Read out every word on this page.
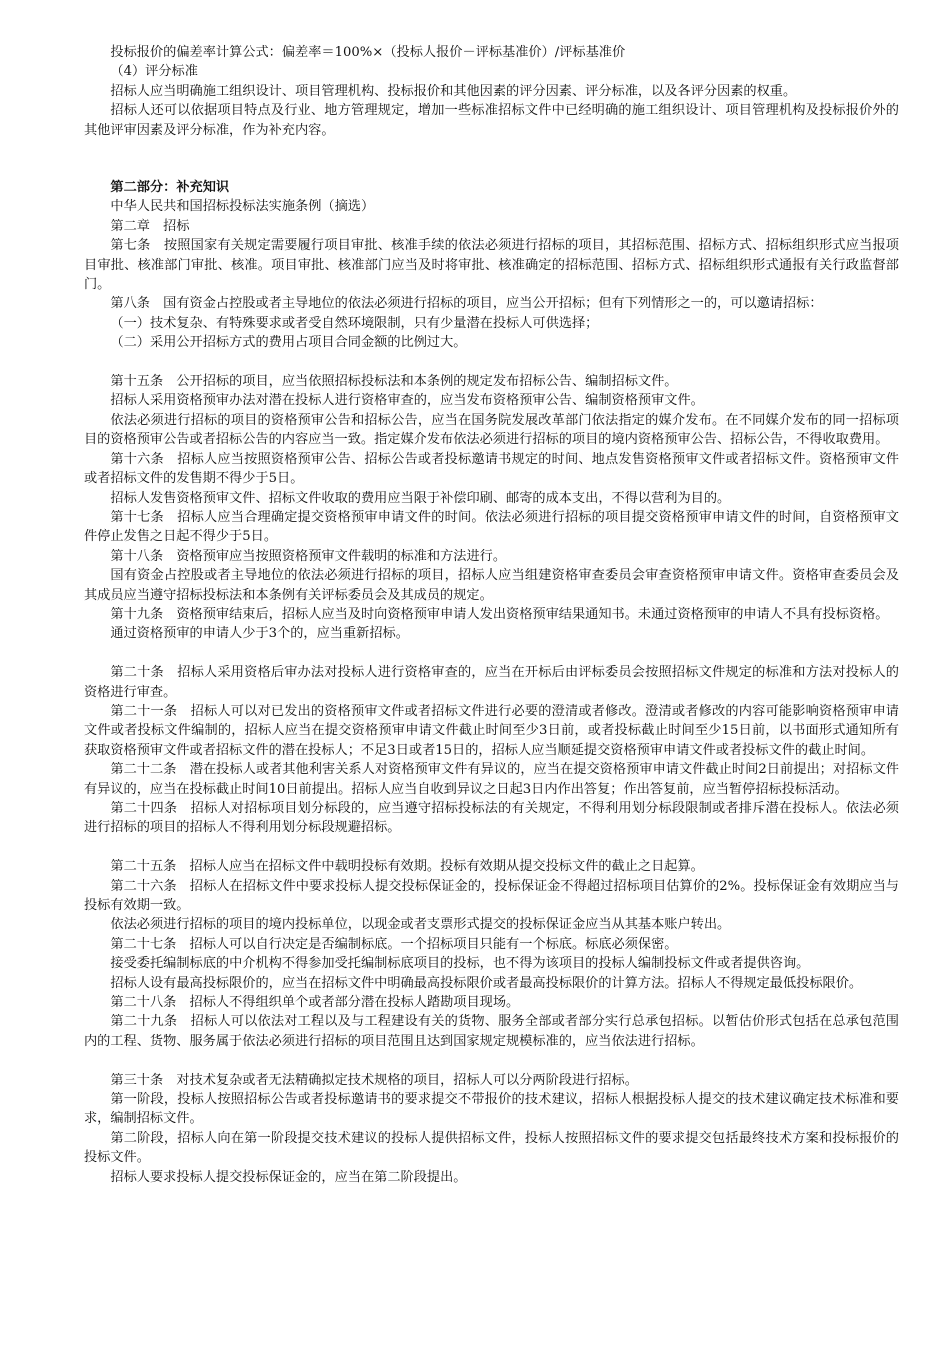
投标报价的偏差率计算公式：偏差率＝100%×（投标人报价－评标基准价）/评标基准价

（4）评分标准

招标人应当明确施工组织设计、项目管理机构、投标报价和其他因素的评分因素、评分标准，以及各评分因素的权重。

招标人还可以依据项目特点及行业、地方管理规定，增加一些标准招标文件中已经明确的施工组织设计、项目管理机构及投标报价外的其他评审因素及评分标准，作为补充内容。

第二部分：补充知识

中华人民共和国招标投标法实施条例（摘选）

第二章　招标

第七条　按照国家有关规定需要履行项目审批、核准手续的依法必须进行招标的项目，其招标范围、招标方式、招标组织形式应当报项目审批、核准部门审批、核准。项目审批、核准部门应当及时将审批、核准确定的招标范围、招标方式、招标组织形式通报有关行政监督部门。

第八条　国有资金占控股或者主导地位的依法必须进行招标的项目，应当公开招标；但有下列情形之一的，可以邀请招标：

（一）技术复杂、有特殊要求或者受自然环境限制，只有少量潜在投标人可供选择；

（二）采用公开招标方式的费用占项目合同金额的比例过大。

第十五条　公开招标的项目，应当依照招标投标法和本条例的规定发布招标公告、编制招标文件。

招标人采用资格预审办法对潜在投标人进行资格审查的，应当发布资格预审公告、编制资格预审文件。

依法必须进行招标的项目的资格预审公告和招标公告，应当在国务院发展改革部门依法指定的媒介发布。在不同媒介发布的同一招标项目的资格预审公告或者招标公告的内容应当一致。指定媒介发布依法必须进行招标的项目的境内资格预审公告、招标公告，不得收取费用。

第十六条　招标人应当按照资格预审公告、招标公告或者投标邀请书规定的时间、地点发售资格预审文件或者招标文件。资格预审文件或者招标文件的发售期不得少于5日。

招标人发售资格预审文件、招标文件收取的费用应当限于补偿印刷、邮寄的成本支出，不得以营利为目的。

第十七条　招标人应当合理确定提交资格预审申请文件的时间。依法必须进行招标的项目提交资格预审申请文件的时间，自资格预审文件停止发售之日起不得少于5日。

第十八条　资格预审应当按照资格预审文件载明的标准和方法进行。

国有资金占控股或者主导地位的依法必须进行招标的项目，招标人应当组建资格审查委员会审查资格预审申请文件。资格审查委员会及其成员应当遵守招标投标法和本条例有关评标委员会及其成员的规定。

第十九条　资格预审结束后，招标人应当及时向资格预审申请人发出资格预审结果通知书。未通过资格预审的申请人不具有投标资格。

通过资格预审的申请人少于3个的，应当重新招标。

第二十条　招标人采用资格后审办法对投标人进行资格审查的，应当在开标后由评标委员会按照招标文件规定的标准和方法对投标人的资格进行审查。

第二十一条　招标人可以对已发出的资格预审文件或者招标文件进行必要的澄清或者修改。澄清或者修改的内容可能影响资格预审申请文件或者投标文件编制的，招标人应当在提交资格预审申请文件截止时间至少3日前，或者投标截止时间至少15日前，以书面形式通知所有获取资格预审文件或者招标文件的潜在投标人；不足3日或者15日的，招标人应当顺延提交资格预审申请文件或者投标文件的截止时间。

第二十二条　潜在投标人或者其他利害关系人对资格预审文件有异议的，应当在提交资格预审申请文件截止时间2日前提出；对招标文件有异议的，应当在投标截止时间10日前提出。招标人应当自收到异议之日起3日内作出答复；作出答复前，应当暂停招标投标活动。

第二十四条　招标人对招标项目划分标段的，应当遵守招标投标法的有关规定，不得利用划分标段限制或者排斥潜在投标人。依法必须进行招标的项目的招标人不得利用划分标段规避招标。

第二十五条　招标人应当在招标文件中载明投标有效期。投标有效期从提交投标文件的截止之日起算。

第二十六条　招标人在招标文件中要求投标人提交投标保证金的，投标保证金不得超过招标项目估算价的2%。投标保证金有效期应当与投标有效期一致。

依法必须进行招标的项目的境内投标单位，以现金或者支票形式提交的投标保证金应当从其基本账户转出。

第二十七条　招标人可以自行决定是否编制标底。一个招标项目只能有一个标底。标底必须保密。

接受委托编制标底的中介机构不得参加受托编制标底项目的投标，也不得为该项目的投标人编制投标文件或者提供咨询。

招标人设有最高投标限价的，应当在招标文件中明确最高投标限价或者最高投标限价的计算方法。招标人不得规定最低投标限价。

第二十八条　招标人不得组织单个或者部分潜在投标人踏勘项目现场。

第二十九条　招标人可以依法对工程以及与工程建设有关的货物、服务全部或者部分实行总承包招标。以暂估价形式包括在总承包范围内的工程、货物、服务属于依法必须进行招标的项目范围且达到国家规定规模标准的，应当依法进行招标。

第三十条　对技术复杂或者无法精确拟定技术规格的项目，招标人可以分两阶段进行招标。

第一阶段，投标人按照招标公告或者投标邀请书的要求提交不带报价的技术建议，招标人根据投标人提交的技术建议确定技术标准和要求，编制招标文件。

第二阶段，招标人向在第一阶段提交技术建议的投标人提供招标文件，投标人按照招标文件的要求提交包括最终技术方案和投标报价的投标文件。

招标人要求投标人提交投标保证金的，应当在第二阶段提出。
